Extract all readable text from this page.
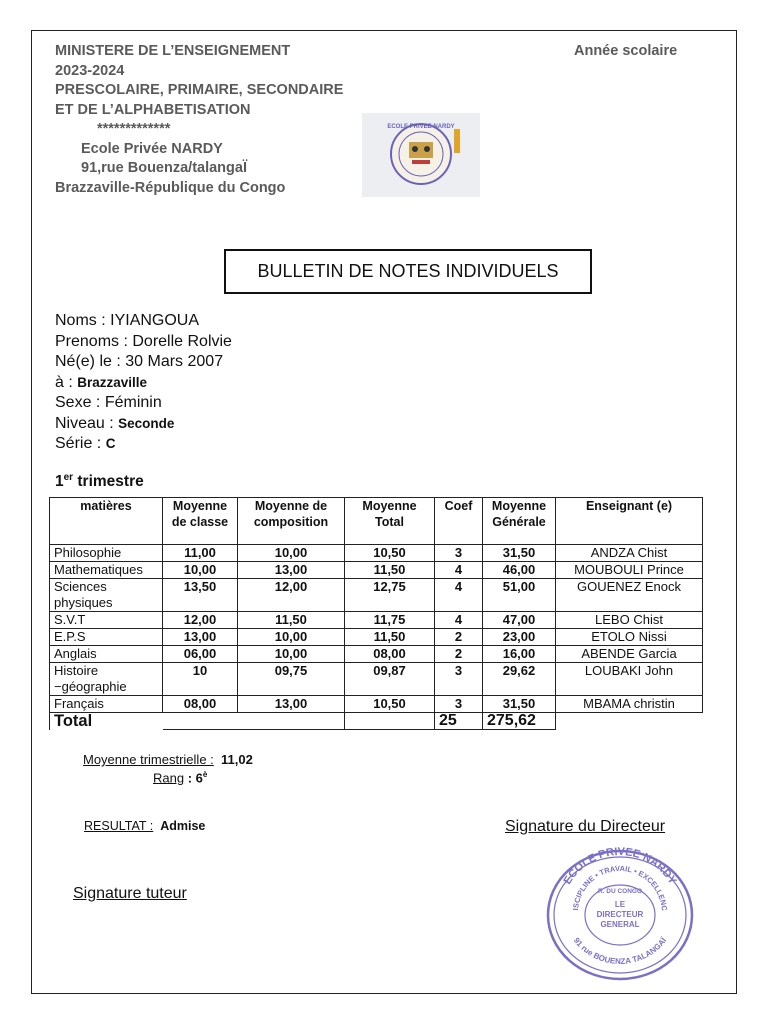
MINISTERE DE L’ENSEIGNEMENT
2023-2024
PRESCOLAIRE, PRIMAIRE, SECONDAIRE
ET DE L’ALPHABETISATION
*************
Ecole Privée NARDY
91,rue Bouenza/talangaÏ
Brazzaville-République du Congo
Année scolaire
ECOLE PRIVEE NARDY
BULLETIN DE NOTES INDIVIDUELS
Noms : IYIANGOUA
Prenoms : Dorelle Rolvie
Né(e) le : 30 Mars 2007
à : Brazzaville
Sexe : Féminin
Niveau : Seconde
Série : C
1er trimestre
matières	Moyenne de classe	Moyenne de composition	Moyenne Total	Coef	Moyenne Générale	Enseignant (e)
Philosophie	11,00	10,00	10,50	3	31,50	ANDZA Chist
Mathematiques	10,00	13,00	11,50	4	46,00	MOUBOULI Prince
Sciences physiques	13,50	12,00	12,75	4	51,00	GOUENEZ Enock
S.V.T	12,00	11,50	11,75	4	47,00	LEBO Chist
E.P.S	13,00	10,00	11,50	2	23,00	ETOLO Nissi
Anglais	06,00	10,00	08,00	2	16,00	ABENDE Garcia
Histoire −géographie	10	09,75	09,87	3	29,62	LOUBAKI John
Français	08,00	13,00	10,50	3	31,50	MBAMA christin
Total				25	275,62	
Moyenne trimestrielle : 11,02
Rang : $6^è$
RESULTAT : Admise	Signature du Directeur
Signature tuteur
ECOLE PRIVEE NARDY
ISCIPLINE • TRAVAIL • EXCELLENC
91 rue BOUENZA TALANGAÏ
R. DU CONGO
LE
DIRECTEUR
GENERAL
